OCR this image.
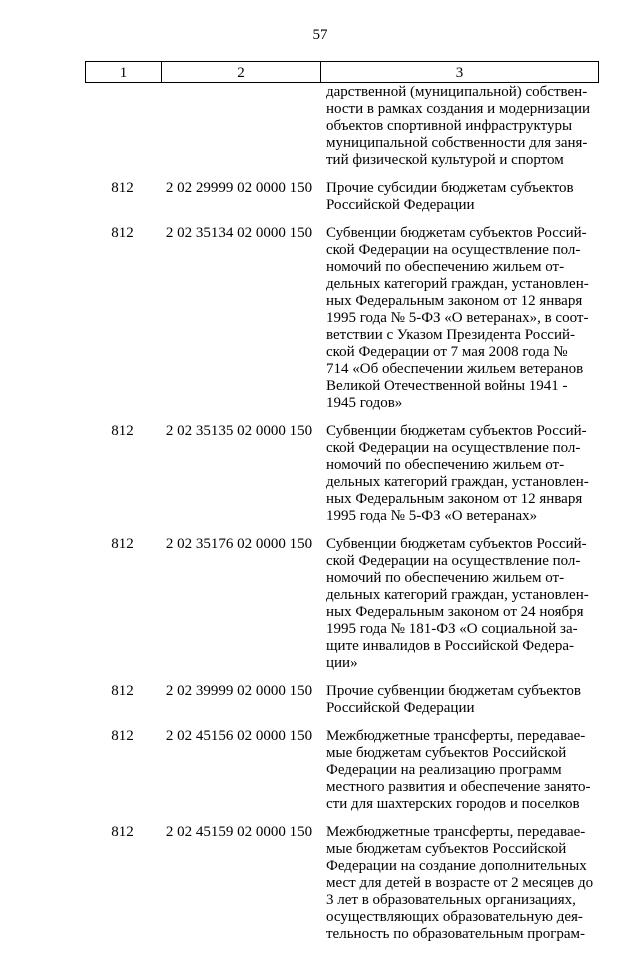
57
1	2	3
дарственной (муниципальной) собствен-
ности в рамках создания и модернизации
объектов спортивной инфраструктуры
муниципальной собственности для заня-
тий физической культурой и спортом
812	2 02 29999 02 0000 150 Прочие субсидии бюджетам субъектов
Российской Федерации
812	2 02 35134 02 0000 150 Субвенции бюджетам субъектов Россий-
ской Федерации на осуществление пол-
номочий по обеспечению жильем от-
дельных категорий граждан, установлен-
ных Федеральным законом от 12 января
1995 года № 5-ФЗ «О ветеранах», в соот-
ветствии с Указом Президента Россий-
ской Федерации от 7 мая 2008 года №
714 «Об обеспечении жильем ветеранов
Великой Отечественной войны 1941 -
1945 годов»
812	2 02 35135 02 0000 150 Субвенции бюджетам субъектов Россий-
ской Федерации на осуществление пол-
номочий по обеспечению жильем от-
дельных категорий граждан, установлен-
ных Федеральным законом от 12 января
1995 года № 5-ФЗ «О ветеранах»
812	2 02 35176 02 0000 150 Субвенции бюджетам субъектов Россий-
ской Федерации на осуществление пол-
номочий по обеспечению жильем от-
дельных категорий граждан, установлен-
ных Федеральным законом от 24 ноября
1995 года № 181-ФЗ «О социальной за-
щите инвалидов в Российской Федера-
ции»
812	2 02 39999 02 0000 150 Прочие субвенции бюджетам субъектов
Российской Федерации
812	2 02 45156 02 0000 150 Межбюджетные трансферты, передавае-
мые бюджетам субъектов Российской
Федерации на реализацию программ
местного развития и обеспечение занято-
сти для шахтерских городов и поселков
812	2 02 45159 02 0000 150 Межбюджетные трансферты, передавае-
мые бюджетам субъектов Российской
Федерации на создание дополнительных
мест для детей в возрасте от 2 месяцев до
3 лет в образовательных организациях,
осуществляющих образовательную дея-
тельность по образовательным програм-
